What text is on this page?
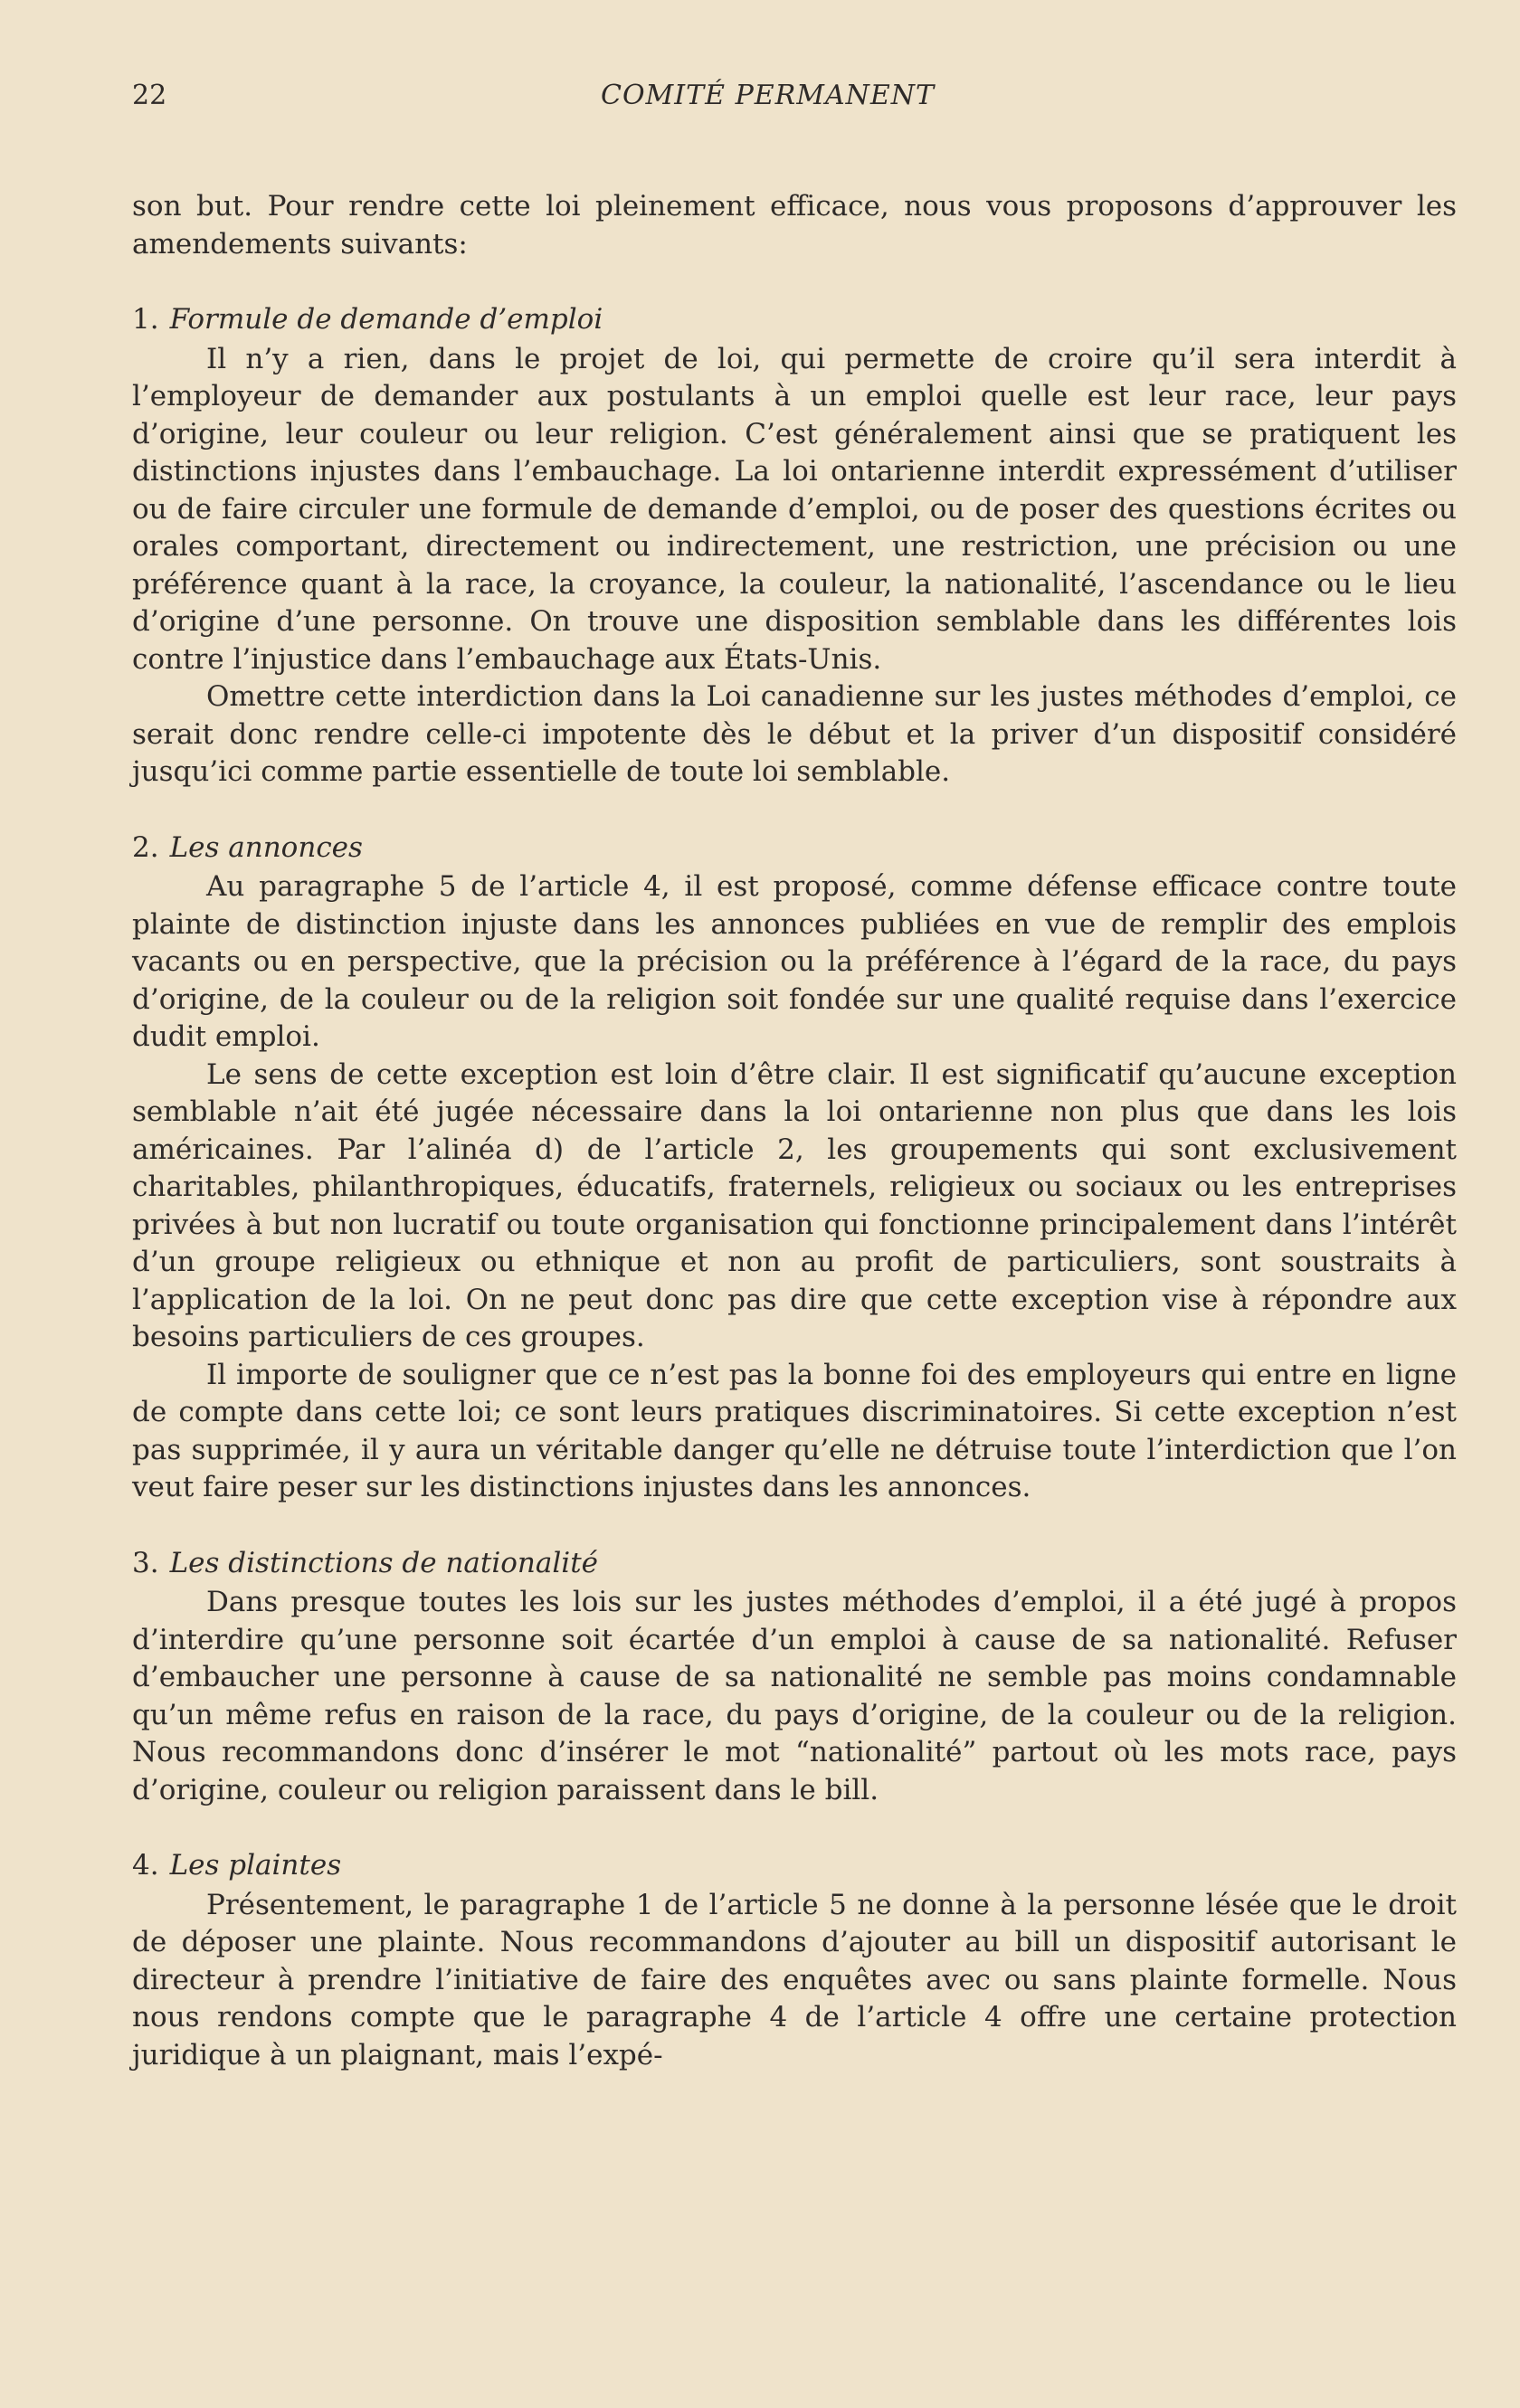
22	COMITÉ PERMANENT

son but. Pour rendre cette loi pleinement efficace, nous vous proposons d’approuver les amendements suivants:

1. Formule de demande d’emploi

Il n’y a rien, dans le projet de loi, qui permette de croire qu’il sera interdit à l’employeur de demander aux postulants à un emploi quelle est leur race, leur pays d’origine, leur couleur ou leur religion. C’est généralement ainsi que se pratiquent les distinctions injustes dans l’embauchage. La loi ontarienne interdit expressément d’utiliser ou de faire circuler une formule de demande d’emploi, ou de poser des questions écrites ou orales comportant, directement ou indirectement, une restriction, une précision ou une préférence quant à la race, la croyance, la couleur, la nationalité, l’ascendance ou le lieu d’origine d’une personne. On trouve une disposition semblable dans les différentes lois contre l’injustice dans l’embauchage aux États-Unis.

Omettre cette interdiction dans la Loi canadienne sur les justes méthodes d’emploi, ce serait donc rendre celle-ci impotente dès le début et la priver d’un dispositif considéré jusqu’ici comme partie essentielle de toute loi semblable.

2. Les annonces

Au paragraphe 5 de l’article 4, il est proposé, comme défense efficace contre toute plainte de distinction injuste dans les annonces publiées en vue de remplir des emplois vacants ou en perspective, que la précision ou la préférence à l’égard de la race, du pays d’origine, de la couleur ou de la religion soit fondée sur une qualité requise dans l’exercice dudit emploi.

Le sens de cette exception est loin d’être clair. Il est significatif qu’aucune exception semblable n’ait été jugée nécessaire dans la loi ontarienne non plus que dans les lois américaines. Par l’alinéa d) de l’article 2, les groupements qui sont exclusivement charitables, philanthropiques, éducatifs, fraternels, religieux ou sociaux ou les entreprises privées à but non lucratif ou toute organisation qui fonctionne principalement dans l’intérêt d’un groupe religieux ou ethnique et non au profit de particuliers, sont soustraits à l’application de la loi. On ne peut donc pas dire que cette exception vise à répondre aux besoins particuliers de ces groupes.

Il importe de souligner que ce n’est pas la bonne foi des employeurs qui entre en ligne de compte dans cette loi; ce sont leurs pratiques discriminatoires. Si cette exception n’est pas supprimée, il y aura un véritable danger qu’elle ne détruise toute l’interdiction que l’on veut faire peser sur les distinctions injustes dans les annonces.

3. Les distinctions de nationalité

Dans presque toutes les lois sur les justes méthodes d’emploi, il a été jugé à propos d’interdire qu’une personne soit écartée d’un emploi à cause de sa nationalité. Refuser d’embaucher une personne à cause de sa nationalité ne semble pas moins condamnable qu’un même refus en raison de la race, du pays d’origine, de la couleur ou de la religion. Nous recommandons donc d’insérer le mot “nationalité” partout où les mots race, pays d’origine, couleur ou religion paraissent dans le bill.

4. Les plaintes

Présentement, le paragraphe 1 de l’article 5 ne donne à la personne lésée que le droit de déposer une plainte. Nous recommandons d’ajouter au bill un dispositif autorisant le directeur à prendre l’initiative de faire des enquêtes avec ou sans plainte formelle. Nous nous rendons compte que le paragraphe 4 de l’article 4 offre une certaine protection juridique à un plaignant, mais l’expé-
